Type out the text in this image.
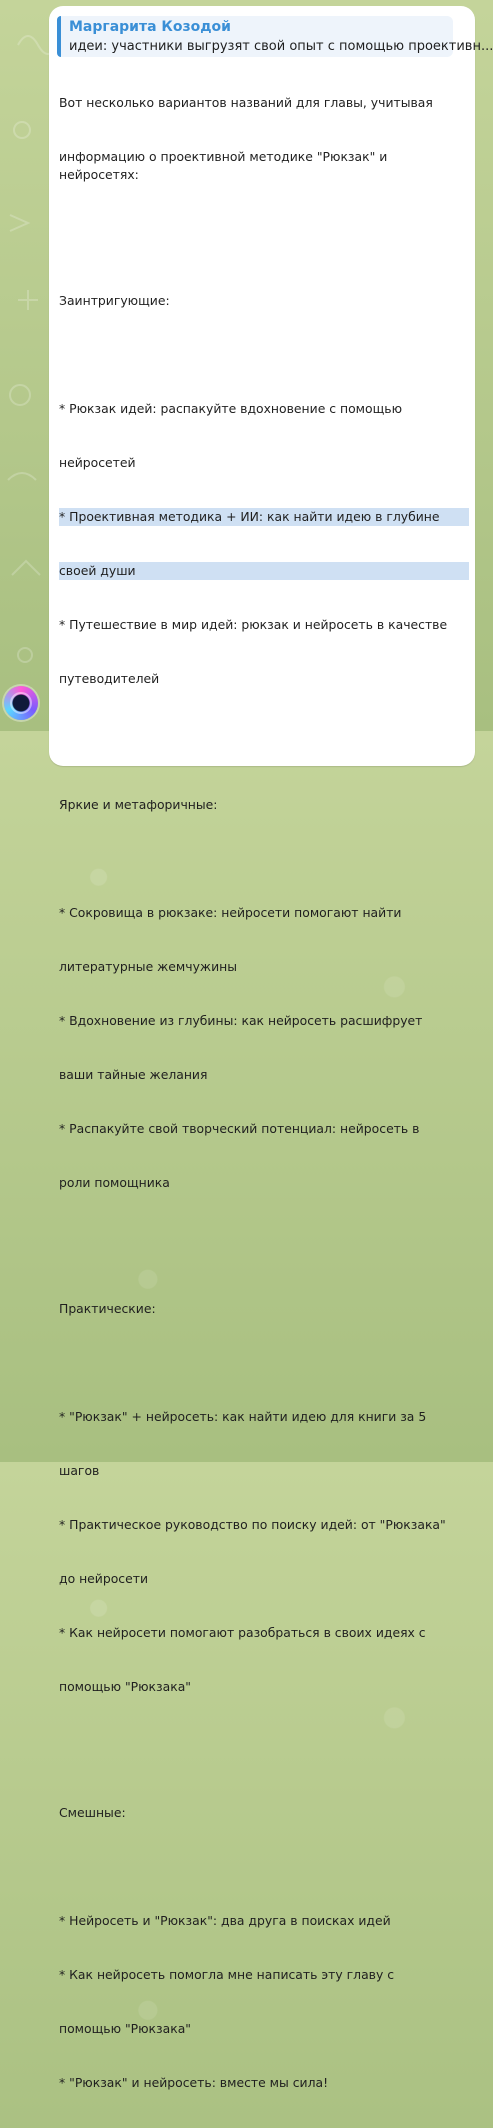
Маргарита Козодой
идеи: участники выгрузят свой опыт с помощью проективн...

Вот несколько вариантов названий для главы, учитывая

информацию о проективной методике "Рюкзак" и нейросетях:

Заинтригующие:

* Рюкзак идей: распакуйте вдохновение с помощью

нейросетей

* Проективная методика + ИИ: как найти идею в глубине

своей души

* Путешествие в мир идей: рюкзак и нейросеть в качестве

путеводителей

Яркие и метафоричные:

* Сокровища в рюкзаке: нейросети помогают найти

литературные жемчужины

* Вдохновение из глубины: как нейросеть расшифрует

ваши тайные желания

* Распакуйте свой творческий потенциал: нейросеть в

роли помощника

Практические:

* "Рюкзак" + нейросеть: как найти идею для книги за 5

шагов

* Практическое руководство по поиску идей: от "Рюкзака"

до нейросети

* Как нейросети помогают разобраться в своих идеях с

помощью "Рюкзака"

Смешные:

* Нейросеть и "Рюкзак": два друга в поисках идей

* Как нейросеть помогла мне написать эту главу с

помощью "Рюкзака"

* "Рюкзак" и нейросеть: вместе мы сила!
